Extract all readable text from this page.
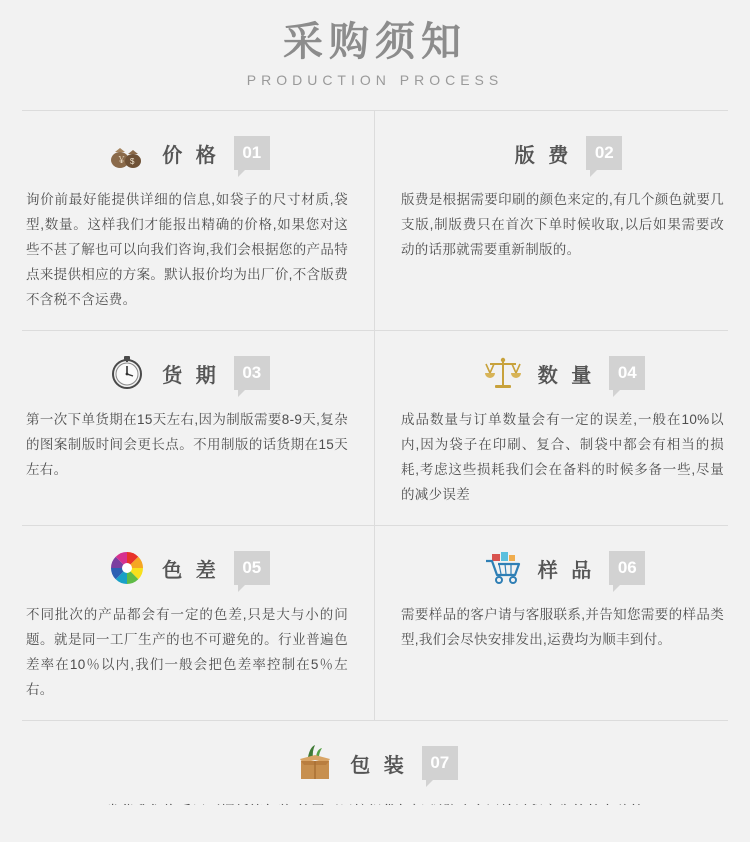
采购须知
PRODUCTION PROCESS
￥ $ 价 格	01
询价前最好能提供详细的信息,如袋子的尺寸材质,袋型,数量。这样我们才能报出精确的价格,如果您对这些不甚了解也可以向我们咨询,我们会根据您的产品特点来提供相应的方案。默认报价均为出厂价,不含版费不含税不含运费。
版 费	02
版费是根据需要印刷的颜色来定的,有几个颜色就要几支版,制版费只在首次下单时候收取,以后如果需要改动的话那就需要重新制版的。
货 期	03
第一次下单货期在15天左右,因为制版需要8-9天,复杂的图案制版时间会更长点。不用制版的话货期在15天左右。
数 量	04
成品数量与订单数量会有一定的误差,一般在10%以内,因为袋子在印刷、复合、制袋中都会有相当的损耗,考虑这些损耗我们会在备料的时候多备一些,尽量的减少误差
色 差	05
不同批次的产品都会有一定的色差,只是大与小的问题。就是同一工厂生产的也不可避免的。行业普遍色差率在10％以内,我们一般会把色差率控制在5％左右。
样 品	06
需要样品的客户请与客服联系,并告知您需要的样品类型,我们会尽快安排发出,运费均为顺丰到付。
包 装	07
